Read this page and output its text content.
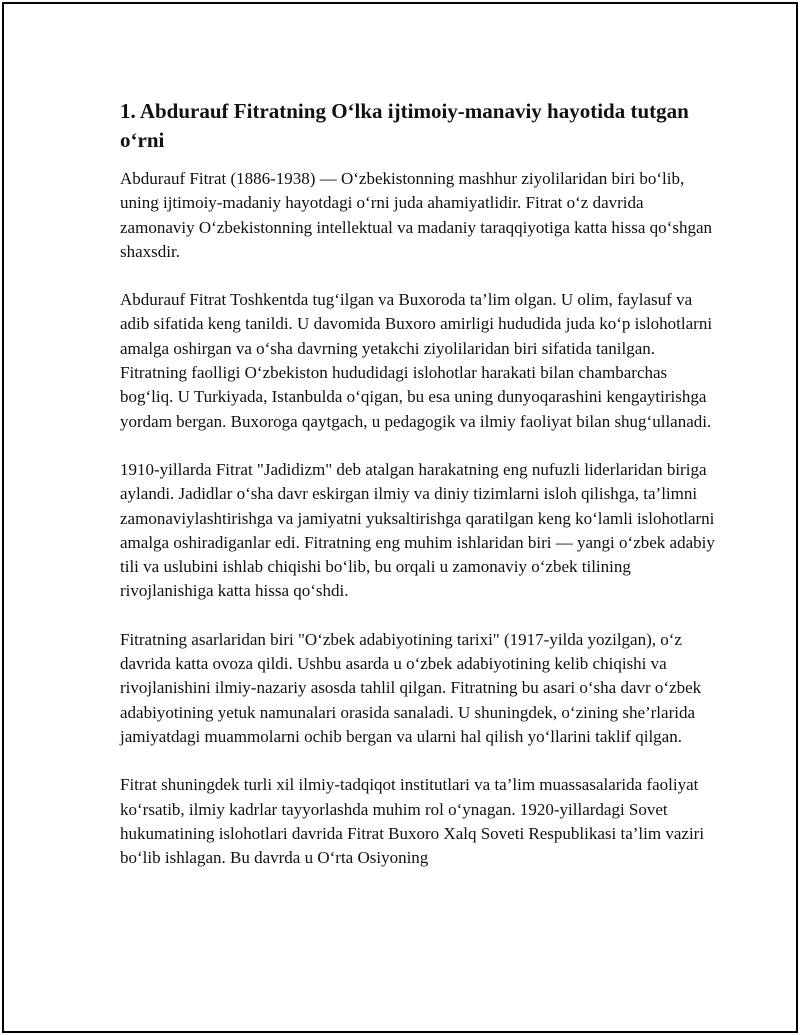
1. Abdurauf Fitratning O‘lka ijtimoiy-manaviy hayotida tutgan o‘rni

Abdurauf Fitrat (1886-1938) — O‘zbekistonning mashhur ziyolilaridan biri bo‘lib, uning ijtimoiy-madaniy hayotdagi o‘rni juda ahamiyatlidir. Fitrat o‘z davrida zamonaviy O‘zbekistonning intellektual va madaniy taraqqiyotiga katta hissa qo‘shgan shaxsdir.

Abdurauf Fitrat Toshkentda tug‘ilgan va Buxoroda ta’lim olgan. U olim, faylasuf va adib sifatida keng tanildi. U davomida Buxoro amirligi hududida juda ko‘p islohotlarni amalga oshirgan va o‘sha davrning yetakchi ziyolilaridan biri sifatida tanilgan. Fitratning faolligi O‘zbekiston hududidagi islohotlar harakati bilan chambarchas bog‘liq. U Turkiyada, Istanbulda o‘qigan, bu esa uning dunyoqarashini kengaytirishga yordam bergan. Buxoroga qaytgach, u pedagogik va ilmiy faoliyat bilan shug‘ullanadi.

1910-yillarda Fitrat "Jadidizm" deb atalgan harakatning eng nufuzli liderlaridan biriga aylandi. Jadidlar o‘sha davr eskirgan ilmiy va diniy tizimlarni isloh qilishga, ta’limni zamonaviylashtirishga va jamiyatni yuksaltirishga qaratilgan keng ko‘lamli islohotlarni amalga oshiradiganlar edi. Fitratning eng muhim ishlaridan biri — yangi o‘zbek adabiy tili va uslubini ishlab chiqishi bo‘lib, bu orqali u zamonaviy o‘zbek tilining rivojlanishiga katta hissa qo‘shdi.

Fitratning asarlaridan biri "O‘zbek adabiyotining tarixi" (1917-yilda yozilgan), o‘z davrida katta ovoza qildi. Ushbu asarda u o‘zbek adabiyotining kelib chiqishi va rivojlanishini ilmiy-nazariy asosda tahlil qilgan. Fitratning bu asari o‘sha davr o‘zbek adabiyotining yetuk namunalari orasida sanaladi. U shuningdek, o‘zining she’rlarida jamiyatdagi muammolarni ochib bergan va ularni hal qilish yo‘llarini taklif qilgan.

Fitrat shuningdek turli xil ilmiy-tadqiqot institutlari va ta’lim muassasalarida faoliyat ko‘rsatib, ilmiy kadrlar tayyorlashda muhim rol o‘ynagan. 1920-yillardagi Sovet hukumatining islohotlari davrida Fitrat Buxoro Xalq Soveti Respublikasi ta’lim vaziri bo‘lib ishlagan. Bu davrda u O‘rta Osiyoning
